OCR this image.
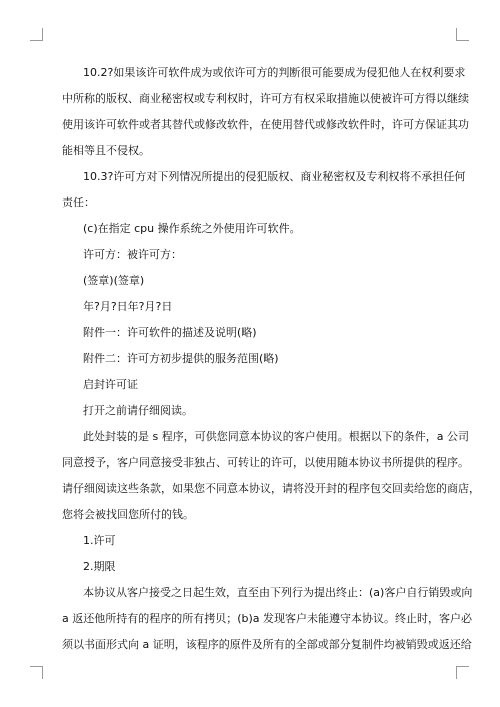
10.2?如果该许可软件成为或依许可方的判断很可能要成为侵犯他人在权利要求
中所称的版权、商业秘密权或专利权时，许可方有权采取措施以使被许可方得以继续
使用该许可软件或者其替代或修改软件，在使用替代或修改软件时，许可方保证其功
能相等且不侵权。
10.3?许可方对下列情况所提出的侵犯版权、商业秘密权及专利权将不承担任何
责任：
(c)在指定 cpu 操作系统之外使用许可软件。
许可方：被许可方：
(签章)(签章)
年?月?日年?月?日
附件一：许可软件的描述及说明(略)
附件二：许可方初步提供的服务范围(略)
启封许可证
打开之前请仔细阅读。
此处封装的是 s 程序，可供您同意本协议的客户使用。根据以下的条件，a 公司
同意授予，客户同意接受非独占、可转让的许可，以使用随本协议书所提供的程序。
请仔细阅读这些条款，如果您不同意本协议，请将没开封的程序包交回卖给您的商店，
您将会被找回您所付的钱。
1.许可
2.期限
本协议从客户接受之日起生效，直至由下列行为提出终止：(a)客户自行销毁或向
a 返还他所持有的程序的所有拷贝；(b)a 发现客户未能遵守本协议。终止时，客户必
须以书面形式向 a 证明，该程序的原件及所有的全部或部分复制件均被销毁或返还给
